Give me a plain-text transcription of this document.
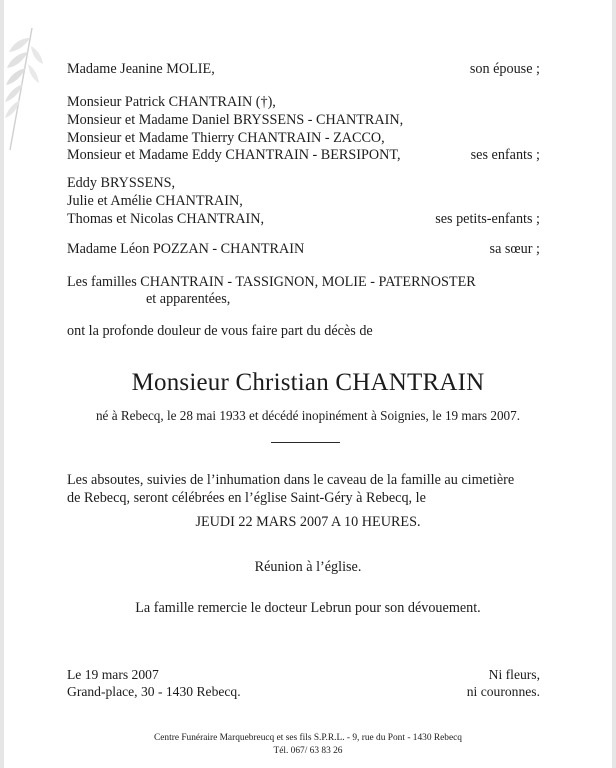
Madame Jeanine MOLIE,	son épouse ;
Monsieur Patrick CHANTRAIN (†),
Monsieur et Madame Daniel BRYSSENS - CHANTRAIN,
Monsieur et Madame Thierry CHANTRAIN - ZACCO,
Monsieur et Madame Eddy CHANTRAIN - BERSIPONT,	ses enfants ;
Eddy BRYSSENS,
Julie et Amélie CHANTRAIN,
Thomas et Nicolas CHANTRAIN,	ses petits-enfants ;
Madame Léon POZZAN - CHANTRAIN	sa sœur ;
Les familles CHANTRAIN - TASSIGNON, MOLIE - PATERNOSTER
et apparentées,
ont la profonde douleur de vous faire part du décès de
Monsieur Christian CHANTRAIN
né à Rebecq, le 28 mai 1933 et décédé inopinément à Soignies, le 19 mars 2007.
Les absoutes, suivies de l’inhumation dans le caveau de la famille au cimetière
de Rebecq, seront célébrées en l’église Saint-Géry à Rebecq, le
JEUDI 22 MARS 2007 A 10 HEURES.
Réunion à l’église.
La famille remercie le docteur Lebrun pour son dévouement.
Le 19 mars 2007
Grand-place, 30 - 1430 Rebecq.
Ni fleurs,
ni couronnes.
Centre Funéraire Marquebreucq et ses fils S.P.R.L. - 9, rue du Pont - 1430 Rebecq
Tél. 067/ 63 83 26
